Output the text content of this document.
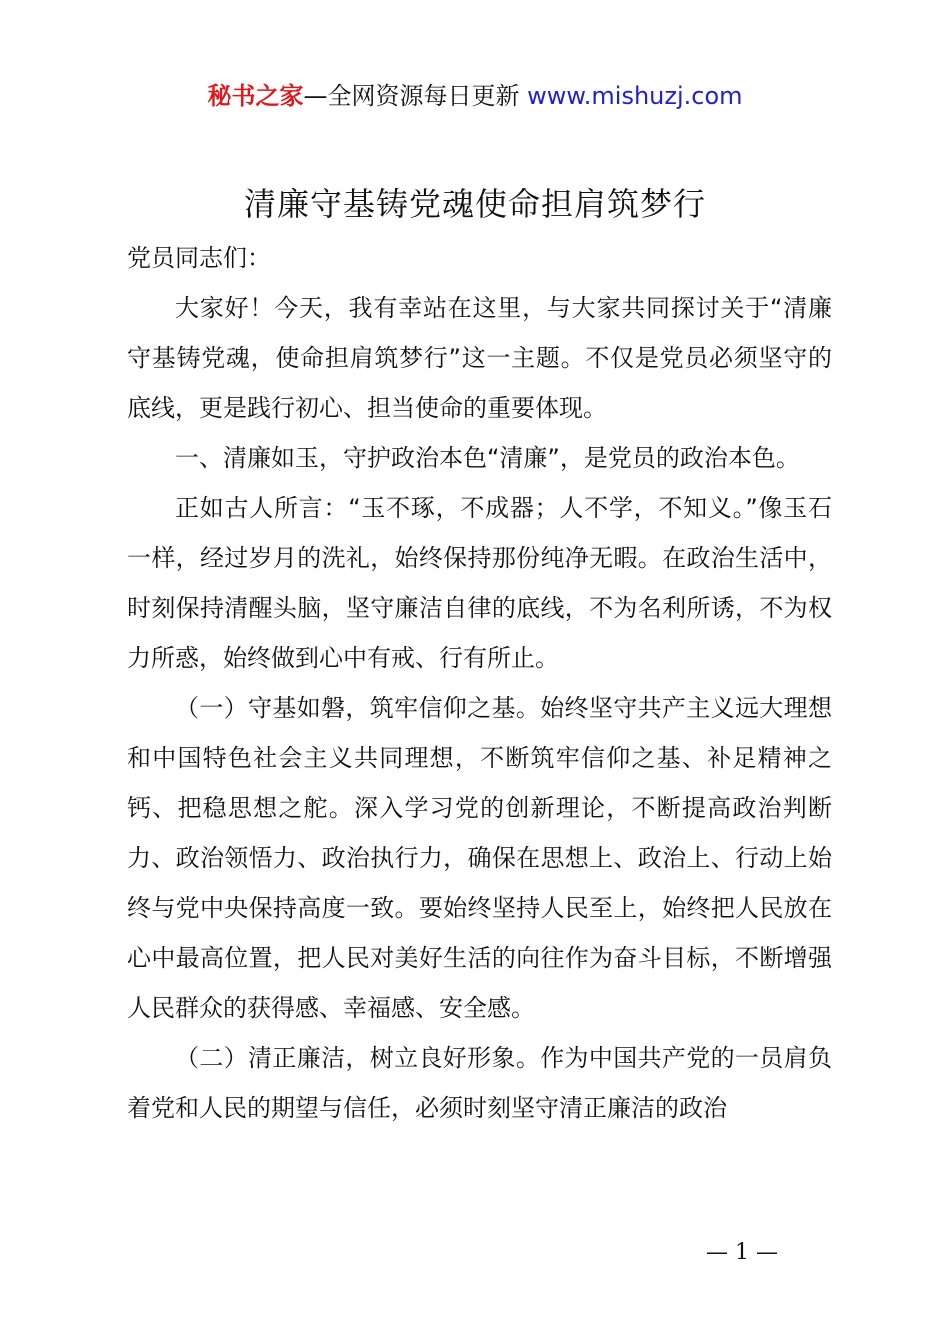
秘书之家—全网资源每日更新 www.mishuzj.com
清廉守基铸党魂使命担肩筑梦行

党员同志们：

大家好！今天，我有幸站在这里，与大家共同探讨关于“清廉守基铸党魂，使命担肩筑梦行”这一主题。不仅是党员必须坚守的底线，更是践行初心、担当使命的重要体现。

一、清廉如玉，守护政治本色“清廉”，是党员的政治本色。

正如古人所言：“玉不琢，不成器；人不学，不知义。”像玉石一样，经过岁月的洗礼，始终保持那份纯净无暇。在政治生活中，时刻保持清醒头脑，坚守廉洁自律的底线，不为名利所诱，不为权力所惑，始终做到心中有戒、行有所止。

（一）守基如磐，筑牢信仰之基。始终坚守共产主义远大理想和中国特色社会主义共同理想，不断筑牢信仰之基、补足精神之钙、把稳思想之舵。深入学习党的创新理论，不断提高政治判断力、政治领悟力、政治执行力，确保在思想上、政治上、行动上始终与党中央保持高度一致。要始终坚持人民至上，始终把人民放在心中最高位置，把人民对美好生活的向往作为奋斗目标，不断增强人民群众的获得感、幸福感、安全感。

（二）清正廉洁，树立良好形象。作为中国共产党的一员肩负着党和人民的期望与信任，必须时刻坚守清正廉洁的政治

— 1 —
